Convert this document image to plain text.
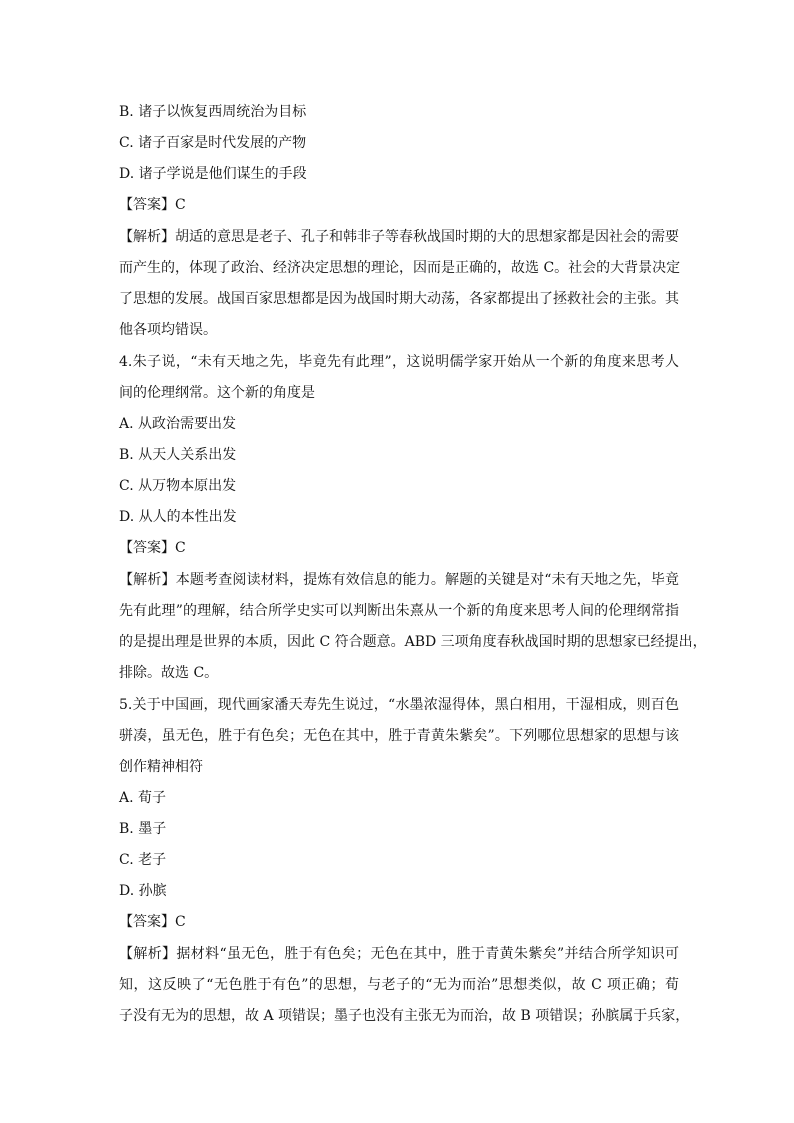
B. 诸子以恢复西周统治为目标
C. 诸子百家是时代发展的产物
D. 诸子学说是他们谋生的手段
【答案】C
【解析】胡适的意思是老子、孔子和韩非子等春秋战国时期的大的思想家都是因社会的需要
而产生的，体现了政治、经济决定思想的理论，因而是正确的，故选 C。社会的大背景决定
了思想的发展。战国百家思想都是因为战国时期大动荡，各家都提出了拯救社会的主张。其
他各项均错误。
4.朱子说，“未有天地之先，毕竟先有此理”，这说明儒学家开始从一个新的角度来思考人
间的伦理纲常。这个新的角度是
A. 从政治需要出发
B. 从天人关系出发
C. 从万物本原出发
D. 从人的本性出发
【答案】C
【解析】本题考查阅读材料，提炼有效信息的能力。解题的关键是对“未有天地之先，毕竟
先有此理”的理解，结合所学史实可以判断出朱熹从一个新的角度来思考人间的伦理纲常指
的是提出理是世界的本质，因此 C 符合题意。ABD 三项角度春秋战国时期的思想家已经提出，
排除。故选 C。
5.关于中国画，现代画家潘天寿先生说过，“水墨浓湿得体，黑白相用，干湿相成，则百色
骈凑，虽无色，胜于有色矣；无色在其中，胜于青黄朱紫矣”。下列哪位思想家的思想与该
创作精神相符
A. 荀子
B. 墨子
C. 老子
D. 孙膑
【答案】C
【解析】据材料“虽无色，胜于有色矣；无色在其中，胜于青黄朱紫矣”并结合所学知识可
知，这反映了“无色胜于有色”的思想，与老子的“无为而治”思想类似，故 C 项正确；荀
子没有无为的思想，故 A 项错误；墨子也没有主张无为而治，故 B 项错误；孙膑属于兵家，
